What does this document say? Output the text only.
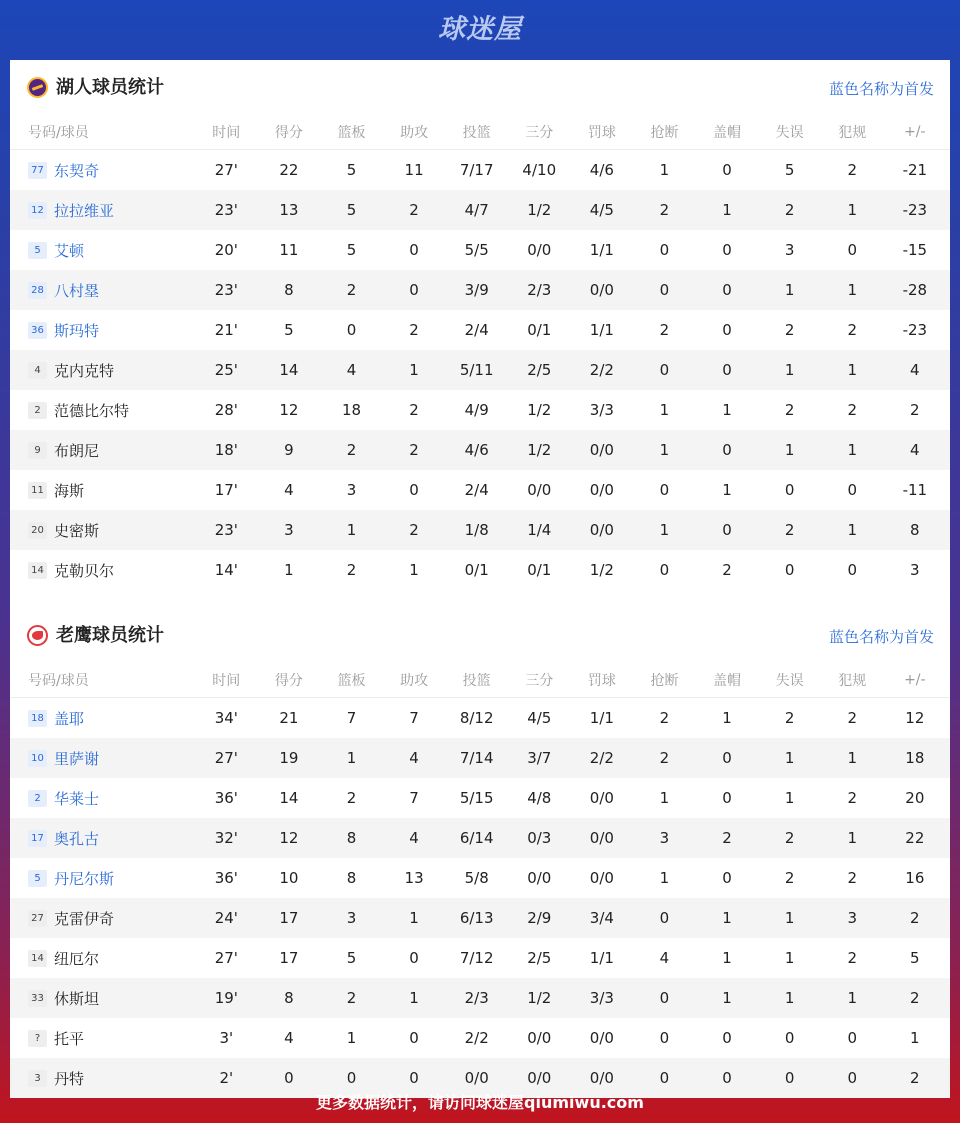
球迷屋
湖人球员统计	蓝色名称为首发
号码/球员	时间	得分	篮板	助攻	投篮	三分	罚球	抢断	盖帽	失误	犯规	+/-
77 东契奇	27'	22	5	11	7/17	4/10	4/6	1	0	5	2	-21
12 拉拉维亚	23'	13	5	2	4/7	1/2	4/5	2	1	2	1	-23
5 艾顿	20'	11	5	0	5/5	0/0	1/1	0	0	3	0	-15
28 八村塁	23'	8	2	0	3/9	2/3	0/0	0	0	1	1	-28
36 斯玛特	21'	5	0	2	2/4	0/1	1/1	2	0	2	2	-23
4 克内克特	25'	14	4	1	5/11	2/5	2/2	0	0	1	1	4
2 范德比尔特	28'	12	18	2	4/9	1/2	3/3	1	1	2	2	2
9 布朗尼	18'	9	2	2	4/6	1/2	0/0	1	0	1	1	4
11 海斯	17'	4	3	0	2/4	0/0	0/0	0	1	0	0	-11
20 史密斯	23'	3	1	2	1/8	1/4	0/0	1	0	2	1	8
14 克勒贝尔	14'	1	2	1	0/1	0/1	1/2	0	2	0	0	3
老鹰球员统计	蓝色名称为首发
号码/球员	时间	得分	篮板	助攻	投篮	三分	罚球	抢断	盖帽	失误	犯规	+/-
18 盖耶	34'	21	7	7	8/12	4/5	1/1	2	1	2	2	12
10 里萨谢	27'	19	1	4	7/14	3/7	2/2	2	0	1	1	18
2 华莱士	36'	14	2	7	5/15	4/8	0/0	1	0	1	2	20
17 奥孔古	32'	12	8	4	6/14	0/3	0/0	3	2	2	1	22
5 丹尼尔斯	36'	10	8	13	5/8	0/0	0/0	1	0	2	2	16
27 克雷伊奇	24'	17	3	1	6/13	2/9	3/4	0	1	1	3	2
14 纽厄尔	27'	17	5	0	7/12	2/5	1/1	4	1	1	2	5
33 休斯坦	19'	8	2	1	2/3	1/2	3/3	0	1	1	1	2
? 托平	3'	4	1	0	2/2	0/0	0/0	0	0	0	0	1
3 丹特	2'	0	0	0	0/0	0/0	0/0	0	0	0	0	2
更多数据统计，请访问球迷屋qiumiwu.com
